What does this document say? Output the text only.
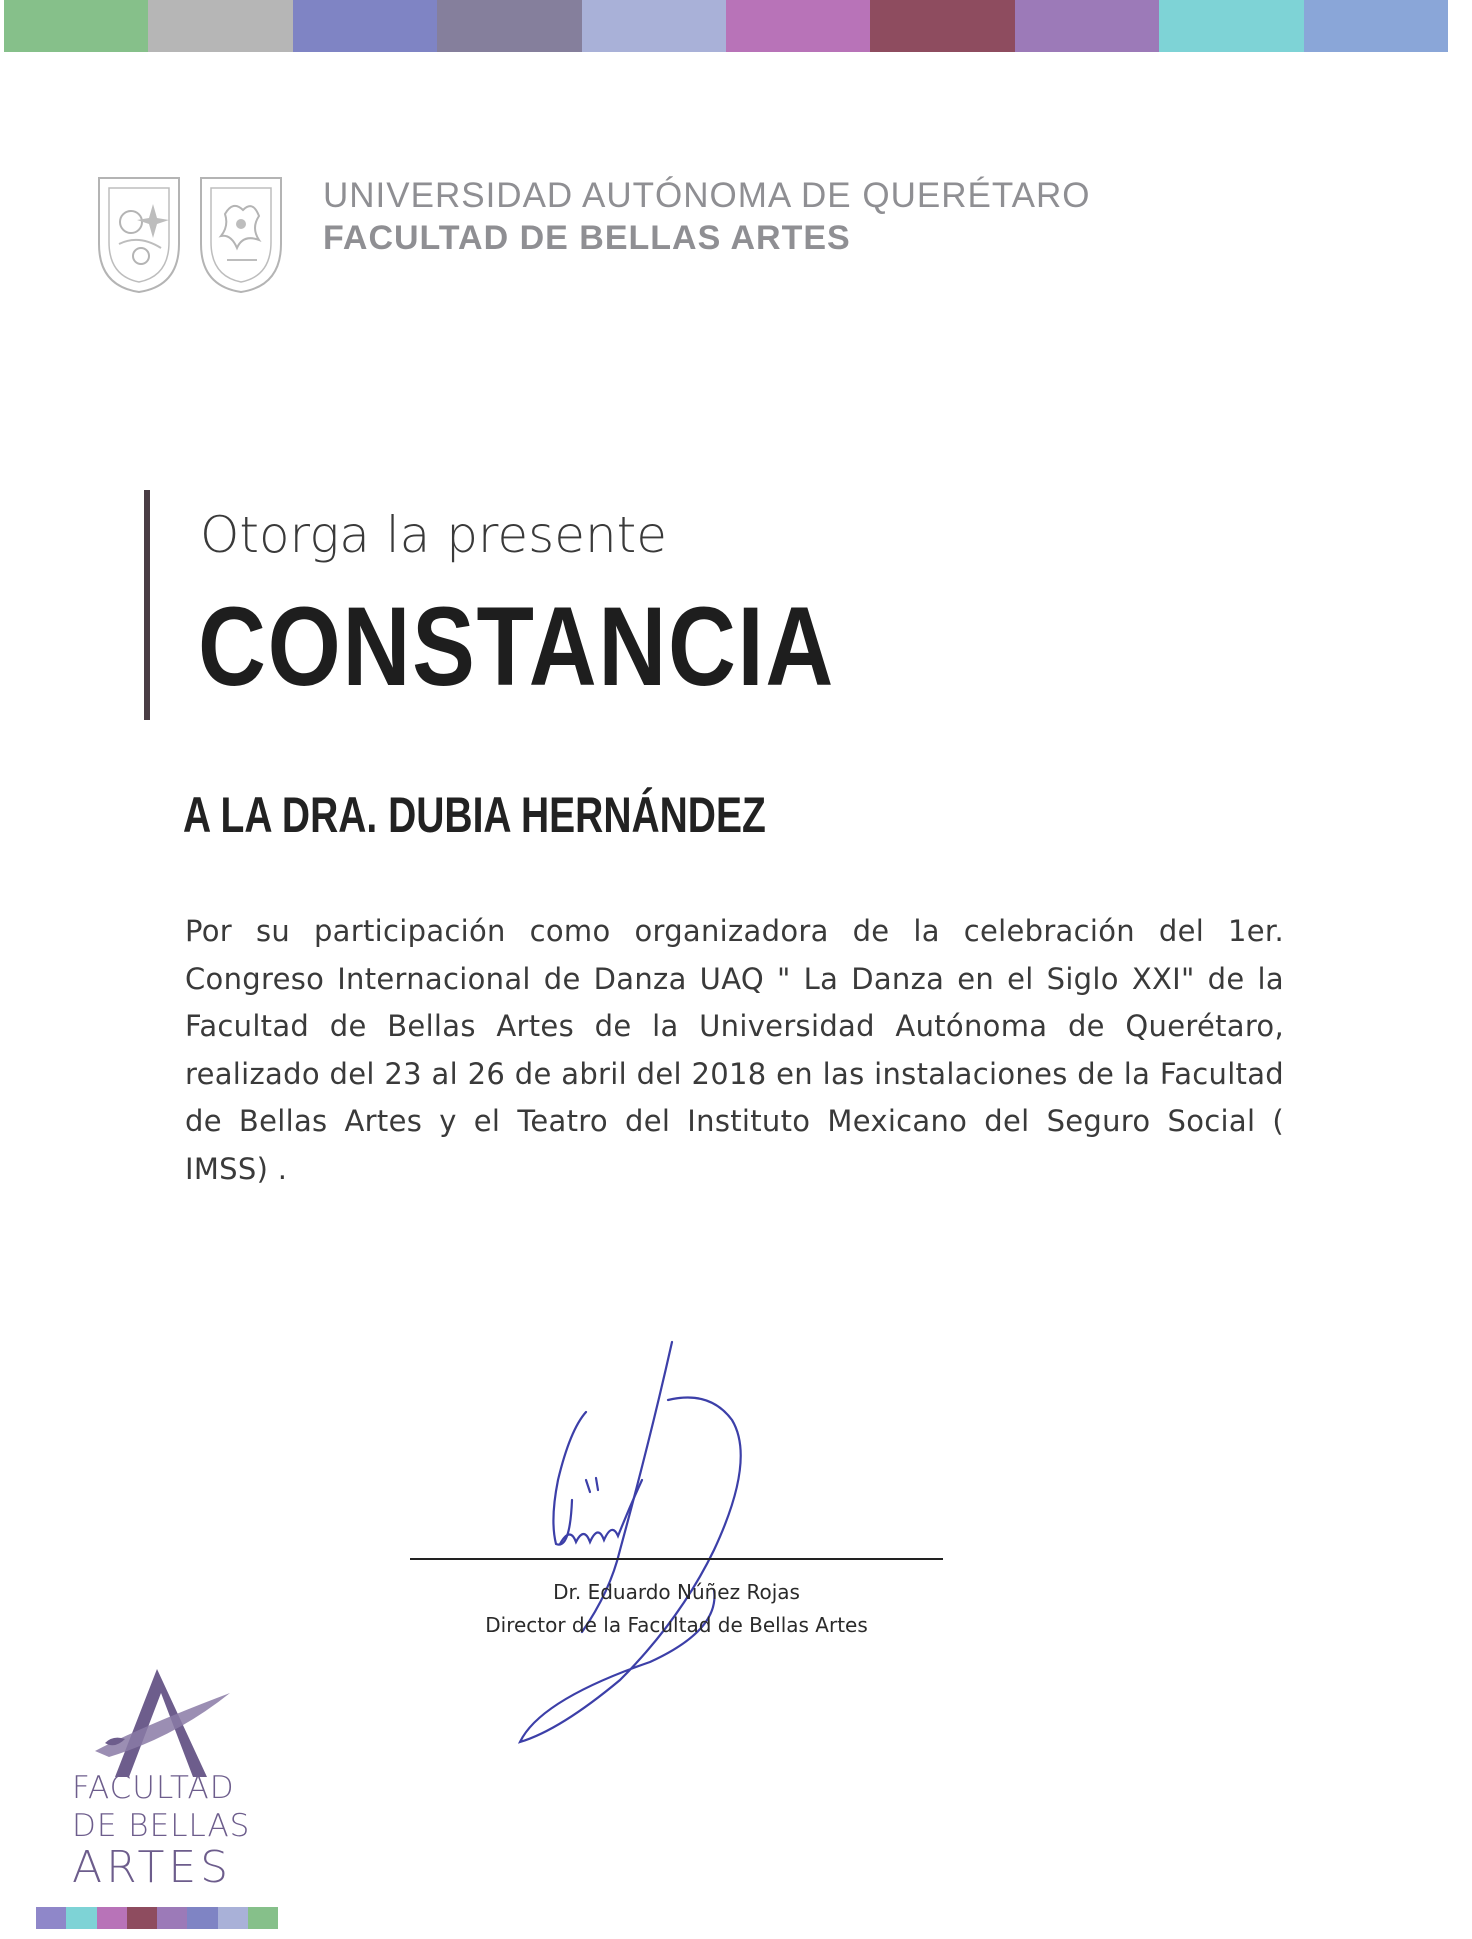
UNIVERSIDAD AUTÓNOMA DE QUERÉTARO
FACULTAD DE BELLAS ARTES
Otorga la presente
CONSTANCIA
A LA DRA. DUBIA HERNÁNDEZ
Por su participación como organizadora de la celebración del 1er. Congreso Internacional de Danza UAQ " La Danza en el Siglo XXI" de la Facultad de Bellas Artes de la Universidad Autónoma de Querétaro, realizado del 23 al 26 de abril del 2018 en las instalaciones de la Facultad de Bellas Artes y el Teatro del Instituto Mexicano del Seguro Social ( IMSS) .
Dr. Eduardo Núñez Rojas
Director de la Facultad de Bellas Artes
FACULTAD
DE BELLAS
ARTES
